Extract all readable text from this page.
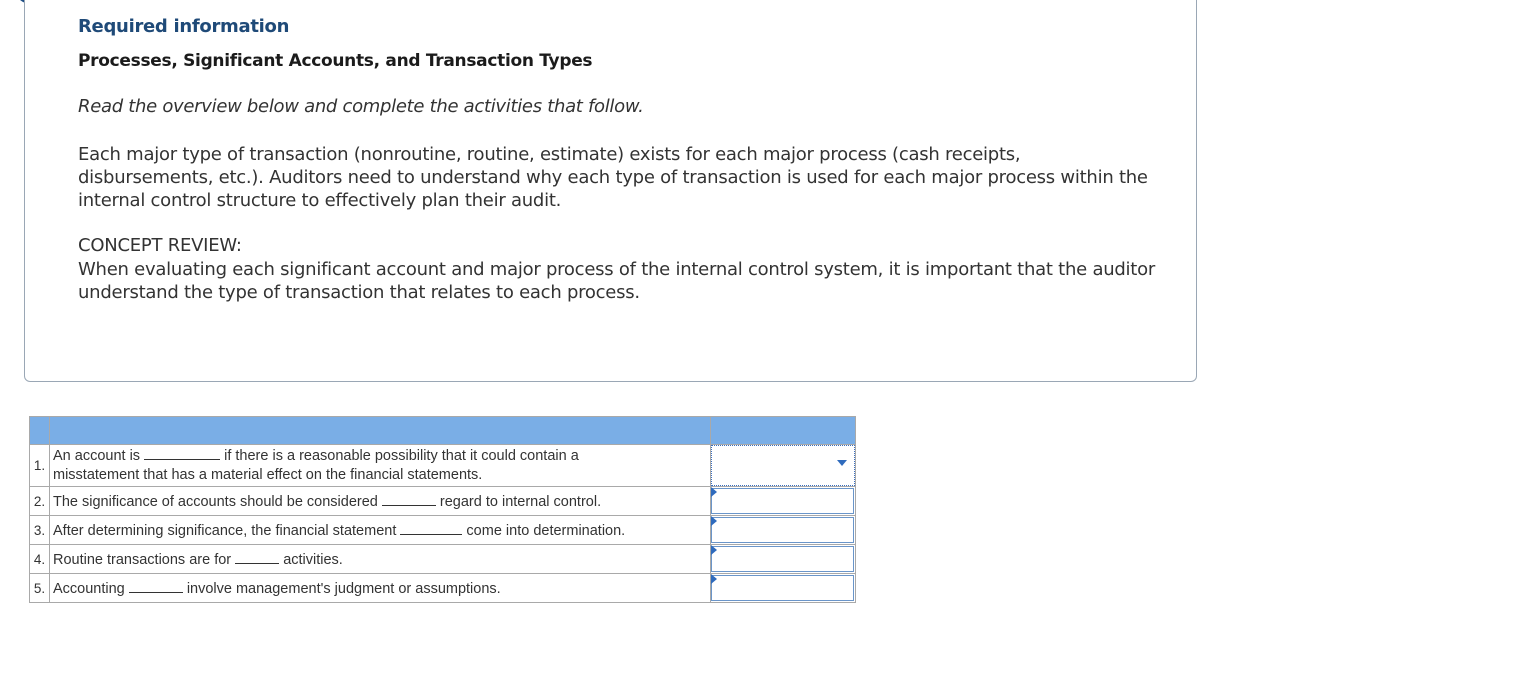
Required information
Processes, Significant Accounts, and Transaction Types
Read the overview below and complete the activities that follow.
Each major type of transaction (nonroutine, routine, estimate) exists for each major process (cash receipts, disbursements, etc.). Auditors need to understand why each type of transaction is used for each major process within the internal control structure to effectively plan their audit.
CONCEPT REVIEW:
When evaluating each significant account and major process of the internal control system, it is important that the auditor understand the type of transaction that relates to each process.

1.	An account is if there is a reasonable possibility that it could contain a
misstatement that has a material effect on the financial statements.	

2.	The significance of accounts should be considered regard to internal control.	

3.	After determining significance, the financial statement come into determination.	

4.	Routine transactions are for activities.	

5.	Accounting involve management's judgment or assumptions.	
